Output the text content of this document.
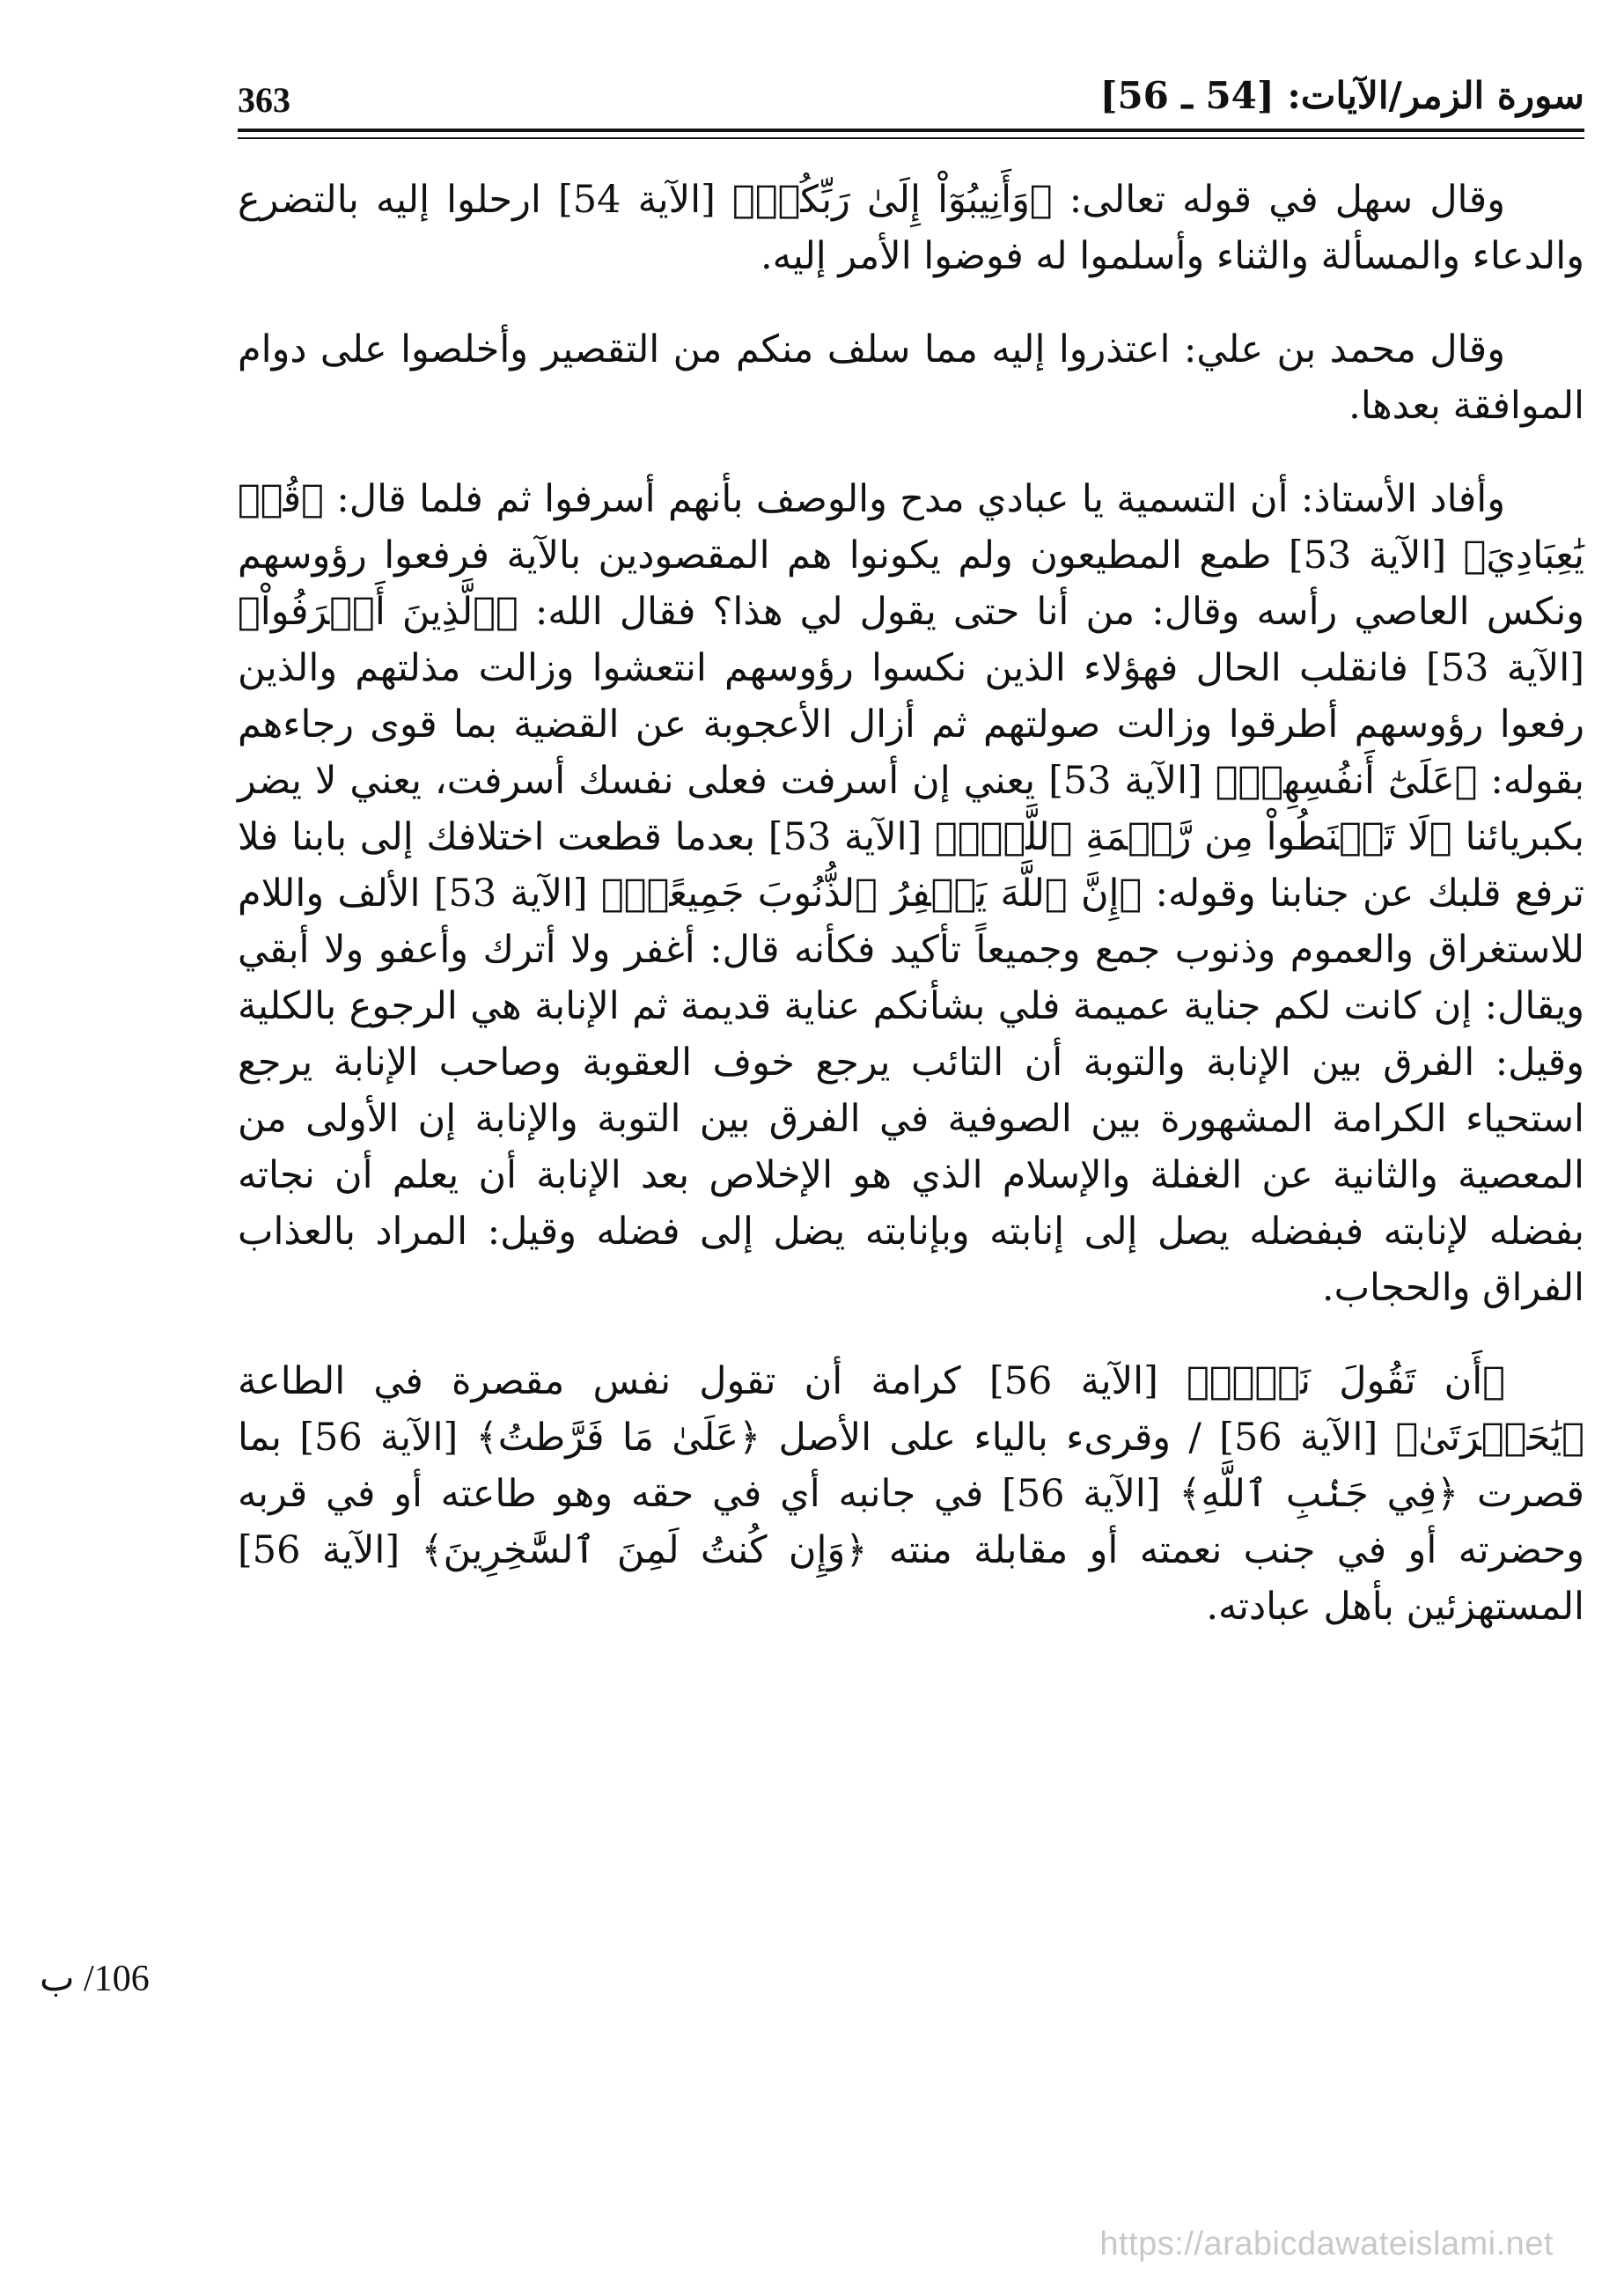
363	سورة الزمر/الآيات: [54 ـ 56]

وقال سهل في قوله تعالى: ﴿وَأَنِيبُوٓاْ إِلَىٰ رَبِّكُمۡ﴾ [الآية 54] ارحلوا إليه بالتضرع والدعاء والمسألة والثناء وأسلموا له فوضوا الأمر إليه.

وقال محمد بن علي: اعتذروا إليه مما سلف منكم من التقصير وأخلصوا على دوام الموافقة بعدها.

وأفاد الأستاذ: أن التسمية يا عبادي مدح والوصف بأنهم أسرفوا ثم فلما قال: ﴿قُلۡ يَٰعِبَادِيَ﴾ [الآية 53] طمع المطيعون ولم يكونوا هم المقصودين بالآية فرفعوا رؤوسهم ونكس العاصي رأسه وقال: من أنا حتى يقول لي هذا؟ فقال الله: ﴿ٱلَّذِينَ أَسۡرَفُواْ﴾ [الآية 53] فانقلب الحال فهؤلاء الذين نكسوا رؤوسهم انتعشوا وزالت مذلتهم والذين رفعوا رؤوسهم أطرقوا وزالت صولتهم ثم أزال الأعجوبة عن القضية بما قوى رجاءهم بقوله: ﴿عَلَىٰٓ أَنفُسِهِمۡ﴾ [الآية 53] يعني إن أسرفت فعلى نفسك أسرفت، يعني لا يضر بكبريائنا ﴿لَا تَقۡنَطُواْ مِن رَّحۡمَةِ ٱللَّهِۚ﴾ [الآية 53] بعدما قطعت اختلافك إلى بابنا فلا ترفع قلبك عن جنابنا وقوله: ﴿إِنَّ ٱللَّهَ يَغۡفِرُ ٱلذُّنُوبَ جَمِيعًاۚ﴾ [الآية 53] الألف واللام للاستغراق والعموم وذنوب جمع وجميعاً تأكيد فكأنه قال: أغفر ولا أترك وأعفو ولا أبقي ويقال: إن كانت لكم جناية عميمة فلي بشأنكم عناية قديمة ثم الإنابة هي الرجوع بالكلية وقيل: الفرق بين الإنابة والتوبة أن التائب يرجع خوف العقوبة وصاحب الإنابة يرجع استحياء الكرامة المشهورة بين الصوفية في الفرق بين التوبة والإنابة إن الأولى من المعصية والثانية عن الغفلة والإسلام الذي هو الإخلاص بعد الإنابة أن يعلم أن نجاته بفضله لإنابته فبفضله يصل إلى إنابته وبإنابته يضل إلى فضله وقيل: المراد بالعذاب الفراق والحجاب.

﴿أَن تَقُولَ نَفۡسٞ﴾ [الآية 56] كرامة أن تقول نفس مقصرة في الطاعة ﴿يَٰحَسۡرَتَىٰ﴾ [الآية 56] / وقرىء بالياء على الأصل ﴿عَلَىٰ مَا فَرَّطتُ﴾ [الآية 56] بما قصرت ﴿فِي جَنۢبِ ٱللَّهِ﴾ [الآية 56] في جانبه أي في حقه وهو طاعته أو في قربه وحضرته أو في جنب نعمته أو مقابلة منته ﴿وَإِن كُنتُ لَمِنَ ٱلسَّٰخِرِينَ﴾ [الآية 56] المستهزئين بأهل عبادته.

106/ ب
https://arabicdawateislami.net
